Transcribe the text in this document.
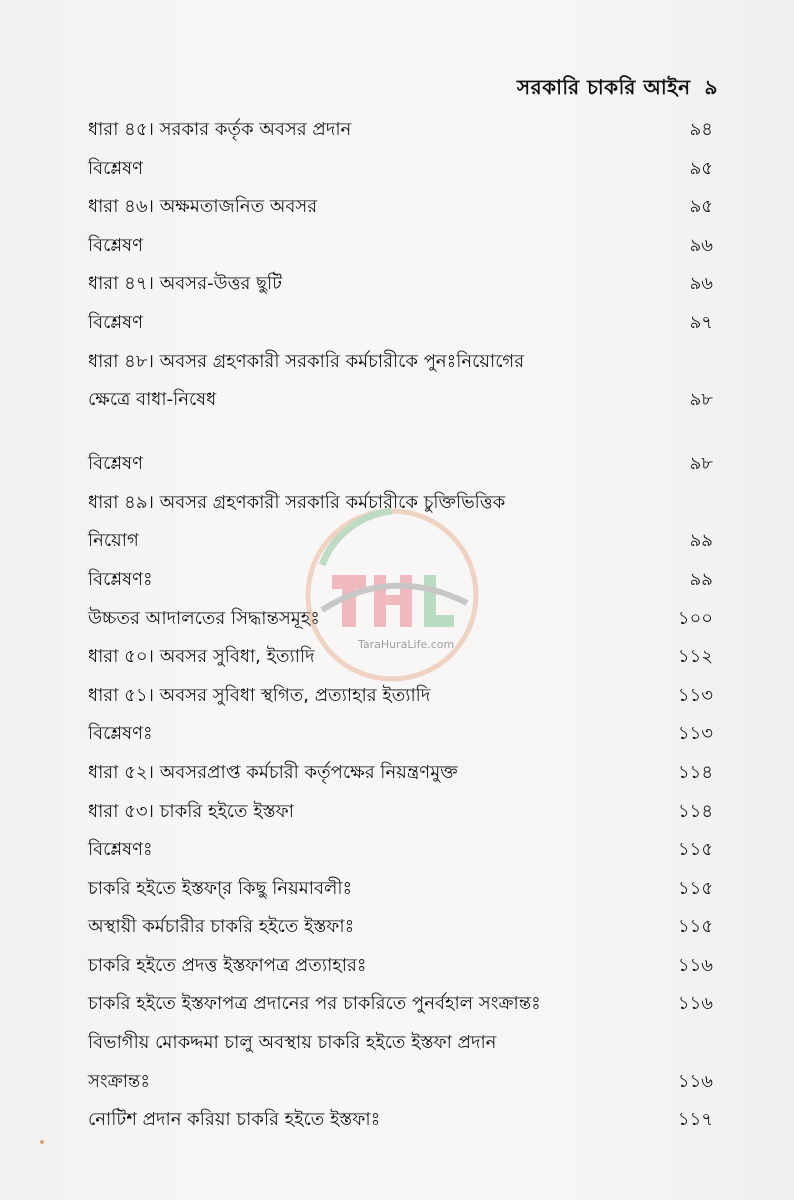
সরকারি চাকরি আইন ৯
ধারা ৪৫। সরকার কর্তৃক অবসর প্রদান	৯৪
বিশ্লেষণ	৯৫
ধারা ৪৬। অক্ষমতাজনিত অবসর	৯৫
বিশ্লেষণ	৯৬
ধারা ৪৭। অবসর-উত্তর ছুটি	৯৬
বিশ্লেষণ	৯৭
ধারা ৪৮। অবসর গ্রহণকারী সরকারি কর্মচারীকে পুনঃনিয়োগের
ক্ষেত্রে বাধা-নিষেধ	৯৮
বিশ্লেষণ	৯৮
ধারা ৪৯। অবসর গ্রহণকারী সরকারি কর্মচারীকে চুক্তিভিত্তিক
নিয়োগ	৯৯
বিশ্লেষণঃ	৯৯
উচ্চতর আদালতের সিদ্ধান্তসমূহঃ	১০০
ধারা ৫০। অবসর সুবিধা, ইত্যাদি	১১২
ধারা ৫১। অবসর সুবিধা স্থগিত, প্রত্যাহার ইত্যাদি	১১৩
বিশ্লেষণঃ	১১৩
ধারা ৫২। অবসরপ্রাপ্ত কর্মচারী কর্তৃপক্ষের নিয়ন্ত্রণমুক্ত	১১৪
ধারা ৫৩। চাকরি হইতে ইস্তফা	১১৪
বিশ্লেষণঃ	১১৫
চাকরি হইতে ইস্তফা্র কিছু নিয়মাবলীঃ	১১৫
অস্থায়ী কর্মচারীর চাকরি হইতে ইস্তফাঃ	১১৫
চাকরি হইতে প্রদত্ত ইস্তফাপত্র প্রত্যাহারঃ	১১৬
চাকরি হইতে ইস্তফাপত্র প্রদানের পর চাকরিতে পুনর্বহাল সংক্রান্তঃ	১১৬
বিভাগীয় মোকদ্দমা চালু অবস্থায় চাকরি হইতে ইস্তফা প্রদান
সংক্রান্তঃ	১১৬
নোটিশ প্রদান করিয়া চাকরি হইতে ইস্তফাঃ	১১৭
TaraHuraLife.com
